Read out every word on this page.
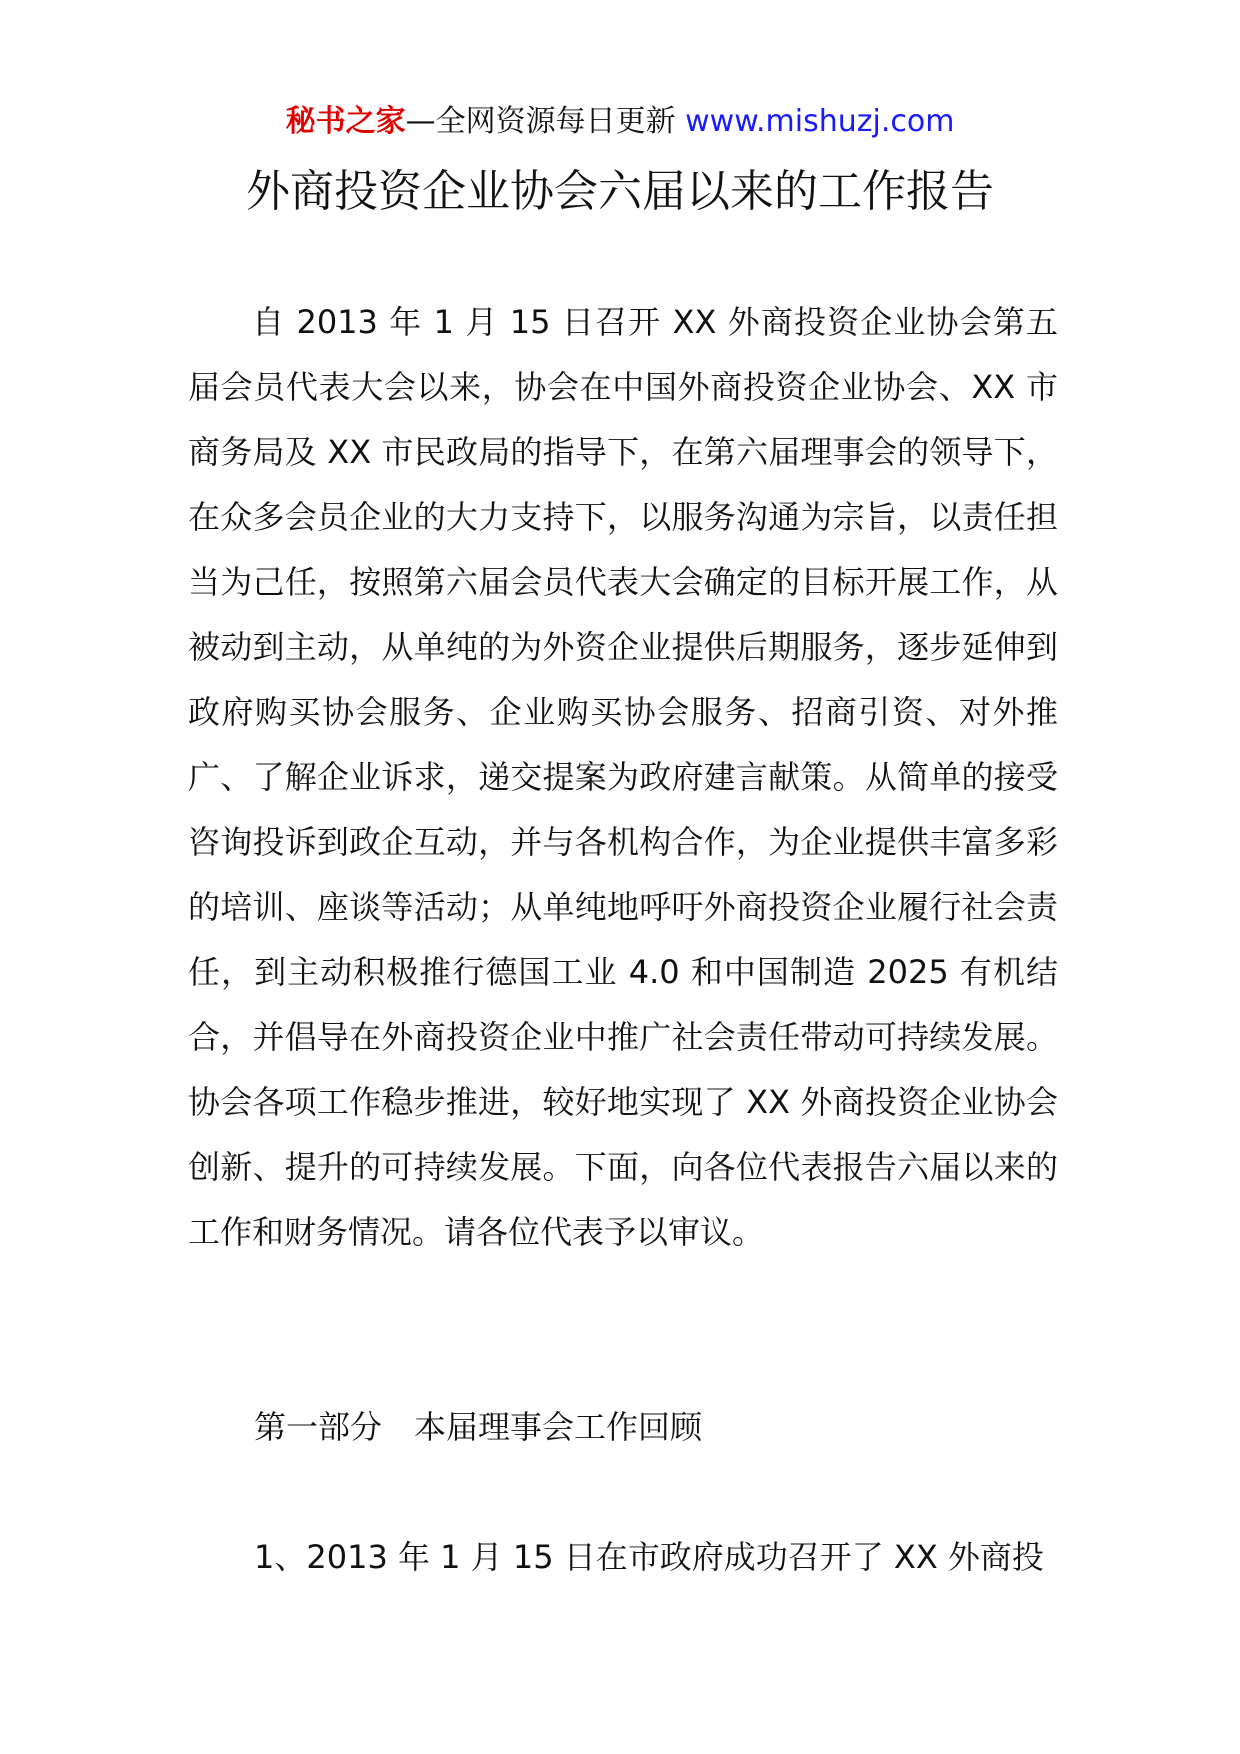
秘书之家—全网资源每日更新 www.mishuzj.com
外商投资企业协会六届以来的工作报告

自 2013 年 1 月 15 日召开 XX 外商投资企业协会第五届会员代表大会以来，协会在中国外商投资企业协会、XX 市商务局及 XX 市民政局的指导下，在第六届理事会的领导下，在众多会员企业的大力支持下，以服务沟通为宗旨，以责任担当为己任，按照第六届会员代表大会确定的目标开展工作，从被动到主动，从单纯的为外资企业提供后期服务，逐步延伸到政府购买协会服务、企业购买协会服务、招商引资、对外推广、了解企业诉求，递交提案为政府建言献策。从简单的接受咨询投诉到政企互动，并与各机构合作，为企业提供丰富多彩的培训、座谈等活动；从单纯地呼吁外商投资企业履行社会责任，到主动积极推行德国工业 4.0 和中国制造 2025 有机结合，并倡导在外商投资企业中推广社会责任带动可持续发展。协会各项工作稳步推进，较好地实现了 XX 外商投资企业协会创新、提升的可持续发展。下面，向各位代表报告六届以来的工作和财务情况。请各位代表予以审议。

第一部分　本届理事会工作回顾

1、2013 年 1 月 15 日在市政府成功召开了 XX 外商投
